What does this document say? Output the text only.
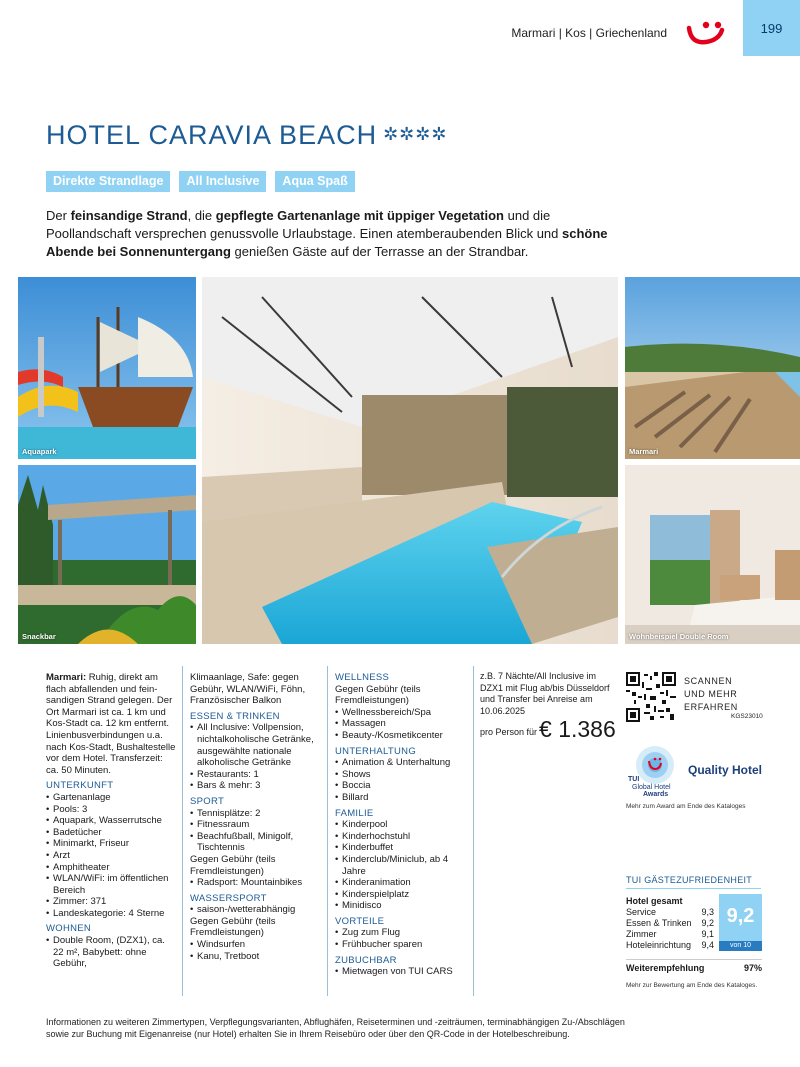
Marmari | Kos | Griechenland	199
HOTEL CARAVIA BEACH ✲✲✲✲
Direkte Strandlage	All Inclusive	Aqua Spaß

Der feinsandige Strand, die gepflegte Gartenanlage mit üppiger Vegetation und die Poollandschaft versprechen genussvolle Urlaubstage. Einen atemberaubenden Blick und schöne Abende bei Sonnenuntergang genießen Gäste auf der Terrasse an der Strandbar.

Aquapark
Snackbar
Marmari
Wohnbeispiel Double Room

Marmari: Ruhig, direkt am flach abfallenden und feinsandigen Strand gelegen. Der Ort Marmari ist ca. 1 km und Kos-Stadt ca. 12 km entfernt. Linienbusverbindungen u.a. nach Kos-Stadt, Bushaltestelle vor dem Hotel. Transferzeit: ca. 50 Minuten.

UNTERKUNFT

• Gartenanlage
• Pools: 3
• Aquapark, Wasserrutsche
• Badetücher
• Minimarkt, Friseur
• Arzt
• Amphitheater
• WLAN/WiFi: im öffentlichen Bereich
• Zimmer: 371
• Landeskategorie: 4 Sterne

WOHNEN

• Double Room, (DZX1), ca. 22 m², Babybett: ohne Gebühr,

Klimaanlage, Safe: gegen Gebühr, WLAN/WiFi, Föhn, Französischer Balkon

ESSEN & TRINKEN

• All Inclusive: Vollpension, nichtalkoholische Getränke, ausgewählte nationale alkoholische Getränke
• Restaurants: 1
• Bars & mehr: 3

SPORT

• Tennisplätze: 2
• Fitnessraum
• Beachfußball, Minigolf, Tischtennis

Gegen Gebühr (teils Fremdleistungen)

• Radsport: Mountainbikes

WASSERSPORT

• saison-/wetterabhängig

Gegen Gebühr (teils Fremdleistungen)

• Windsurfen
• Kanu, Tretboot

WELLNESS

Gegen Gebühr (teils Fremdleistungen)

• Wellnessbereich/Spa
• Massagen
• Beauty-/Kosmetikcenter

UNTERHALTUNG

• Animation & Unterhaltung
• Shows
• Boccia
• Billard

FAMILIE

• Kinderpool
• Kinderhochstuhl
• Kinderbuffet
• Kinderclub/Miniclub, ab 4 Jahre
• Kinderanimation
• Kinderspielplatz
• Minidisco

VORTEILE

• Zug zum Flug
• Frühbucher sparen

ZUBUCHBAR

• Mietwagen von TUI CARS

z.B. 7 Nächte/All Inclusive im DZX1 mit Flug ab/bis Düsseldorf und Transfer bei Anreise am 10.06.2025

pro Person für€ 1.386
SCANNEN
UND MEHR
ERFAHREN
KGS23010
TUI
Global Hotel
Awards
Quality Hotel
Mehr zum Award am Ende des Kataloges
TUI GÄSTEZUFRIEDENHEIT
Hotel gesamt
Service	9,3
Essen & Trinken 9,2
Zimmer	9,1
Hoteleinrichtung 9,4
9,2
von 10
Weiterempfehlung	97%
Mehr zur Bewertung am Ende des Kataloges.

Informationen zu weiteren Zimmertypen, Verpflegungsvarianten, Abflughäfen, Reiseterminen und -zeiträumen, terminabhängigen Zu-/Abschlägen sowie zur Buchung mit Eigenanreise (nur Hotel) erhalten Sie in Ihrem Reisebüro oder über den QR-Code in der Hotelbeschreibung.
